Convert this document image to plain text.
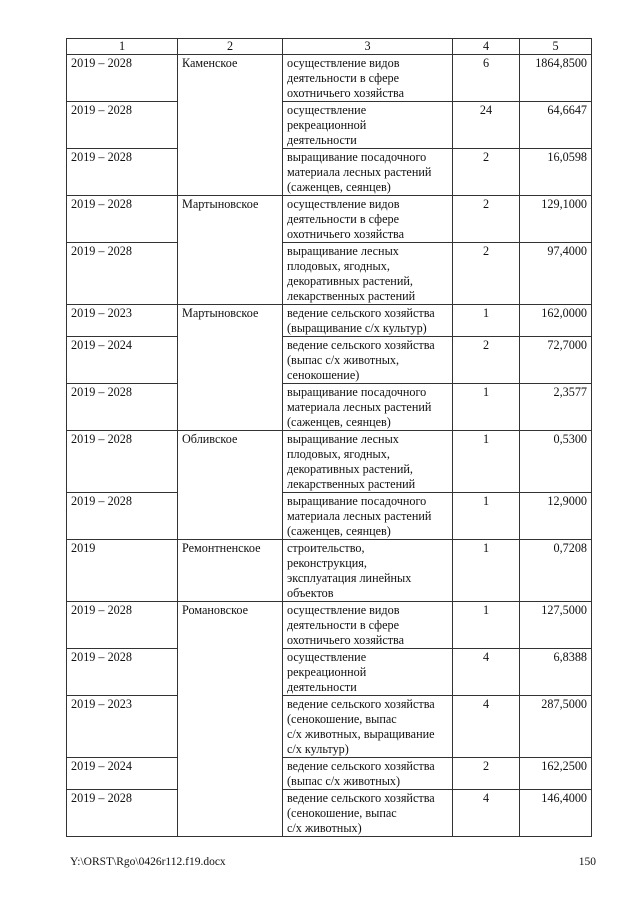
1	2	3	4	5
2019 – 2028	Каменское	осуществление видов
деятельности в сфере
охотничьего хозяйства	6	1864,8500
2019 – 2028		осуществление
рекреационной
деятельности	24	64,6647
2019 – 2028		выращивание посадочного
материала лесных растений
(саженцев, сеянцев)	2	16,0598
2019 – 2028	Мартыновское	осуществление видов
деятельности в сфере
охотничьего хозяйства	2	129,1000
2019 – 2028		выращивание лесных
плодовых, ягодных,
декоративных растений,
лекарственных растений	2	97,4000
2019 – 2023	Мартыновское	ведение сельского хозяйства
(выращивание с/х культур)	1	162,0000
2019 – 2024		ведение сельского хозяйства
(выпас с/х животных,
сенокошение)	2	72,7000
2019 – 2028		выращивание посадочного
материала лесных растений
(саженцев, сеянцев)	1	2,3577
2019 – 2028	Обливское	выращивание лесных
плодовых, ягодных,
декоративных растений,
лекарственных растений	1	0,5300
2019 – 2028		выращивание посадочного
материала лесных растений
(саженцев, сеянцев)	1	12,9000
2019	Ремонтненское	строительство,
реконструкция,
эксплуатация линейных
объектов	1	0,7208
2019 – 2028	Романовское	осуществление видов
деятельности в сфере
охотничьего хозяйства	1	127,5000
2019 – 2028		осуществление
рекреационной
деятельности	4	6,8388
2019 – 2023		ведение сельского хозяйства
(сенокошение, выпас
с/х животных, выращивание
с/х культур)	4	287,5000
2019 – 2024		ведение сельского хозяйства
(выпас с/х животных)	2	162,2500
2019 – 2028		ведение сельского хозяйства
(сенокошение, выпас
с/х животных)	4	146,4000
Y:\ORST\Rgo\0426r112.f19.docx	150
